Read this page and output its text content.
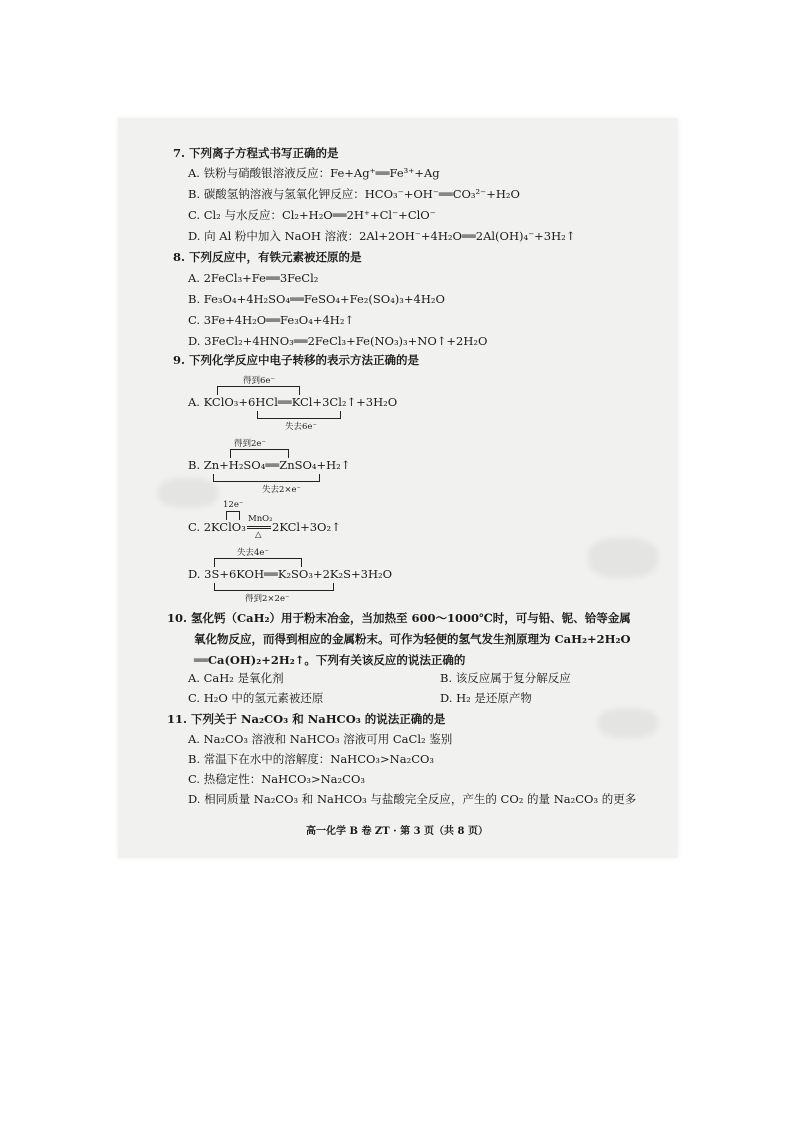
7. 下列离子方程式书写正确的是
A. 铁粉与硝酸银溶液反应：Fe+Ag⁺══Fe³⁺+Ag
B. 碳酸氢钠溶液与氢氧化钾反应：HCO₃⁻+OH⁻══CO₃²⁻+H₂O
C. Cl₂ 与水反应：Cl₂+H₂O══2H⁺+Cl⁻+ClO⁻
D. 向 Al 粉中加入 NaOH 溶液：2Al+2OH⁻+4H₂O══2Al(OH)₄⁻+3H₂↑
8. 下列反应中，有铁元素被还原的是
A. 2FeCl₃+Fe══3FeCl₂
B. Fe₃O₄+4H₂SO₄══FeSO₄+Fe₂(SO₄)₃+4H₂O
C. 3Fe+4H₂O══Fe₃O₄+4H₂↑
D. 3FeCl₂+4HNO₃══2FeCl₃+Fe(NO₃)₃+NO↑+2H₂O
9. 下列化学反应中电子转移的表示方法正确的是
得到6e⁻
A. KClO₃+6HCl══KCl+3Cl₂↑+3H₂O
失去6e⁻
得到2e⁻
B. Zn+H₂SO₄══ZnSO₄+H₂↑
失去2×e⁻
12e⁻
C. 2KClO₃
MnO₂
△
2KCl+3O₂↑
失去4e⁻
D. 3S+6KOH══K₂SO₃+2K₂S+3H₂O
得到2×2e⁻
10. 氢化钙（CaH₂）用于粉末冶金，当加热至 600～1000℃时，可与铅、铌、铪等金属
氧化物反应，而得到相应的金属粉末。可作为轻便的氢气发生剂原理为 CaH₂+2H₂O
══Ca(OH)₂+2H₂↑。下列有关该反应的说法正确的
A. CaH₂ 是氧化剂	B. 该反应属于复分解反应
C. H₂O 中的氢元素被还原	D. H₂ 是还原产物
11. 下列关于 Na₂CO₃ 和 NaHCO₃ 的说法正确的是
A. Na₂CO₃ 溶液和 NaHCO₃ 溶液可用 CaCl₂ 鉴别
B. 常温下在水中的溶解度：NaHCO₃>Na₂CO₃
C. 热稳定性：NaHCO₃>Na₂CO₃
D. 相同质量 Na₂CO₃ 和 NaHCO₃ 与盐酸完全反应，产生的 CO₂ 的量 Na₂CO₃ 的更多
高一化学 B 卷 ZT · 第 3 页（共 8 页）
